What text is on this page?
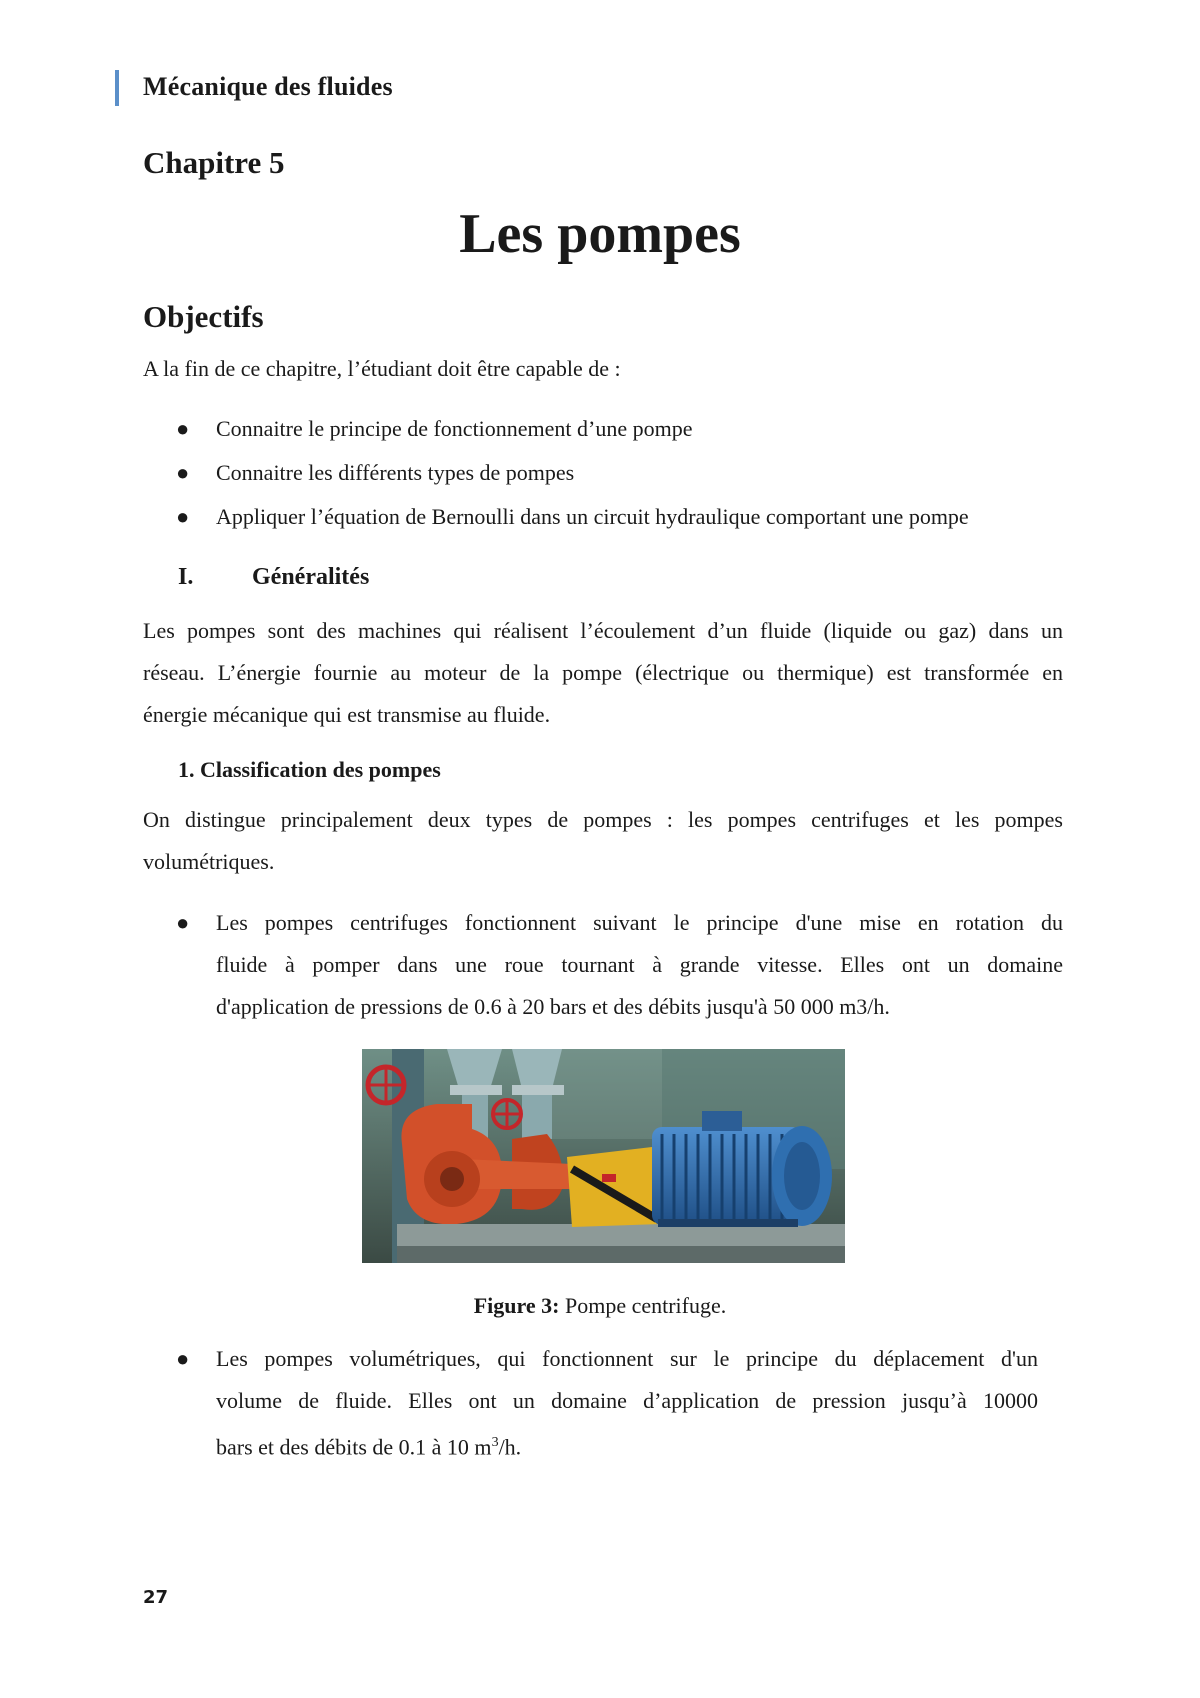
Mécanique des fluides
Chapitre 5
Les pompes
Objectifs
A la fin de ce chapitre, l’étudiant doit être capable de :
● Connaitre le principe de fonctionnement d’une pompe
● Connaitre les différents types de pompes
● Appliquer l’équation de Bernoulli dans un circuit hydraulique comportant une pompe
I. Généralités
Les pompes sont des machines qui réalisent l’écoulement d’un fluide (liquide ou gaz) dans un
réseau. L’énergie fournie au moteur de la pompe (électrique ou thermique) est transformée en
énergie mécanique qui est transmise au fluide.
1. Classification des pompes
On distingue principalement deux types de pompes : les pompes centrifuges et les pompes
volumétriques.
● Les pompes centrifuges fonctionnent suivant le principe d'une mise en rotation du
fluide à pomper dans une roue tournant à grande vitesse. Elles ont un domaine
d'application de pressions de 0.6 à 20 bars et des débits jusqu'à 50 000 m3/h.
Figure 3: Pompe centrifuge.
● Les pompes volumétriques, qui fonctionnent sur le principe du déplacement d'un
volume de fluide. Elles ont un domaine d’application de pression jusqu’à 10000
bars et des débits de 0.1 à 10 $m^3/h$.
27
